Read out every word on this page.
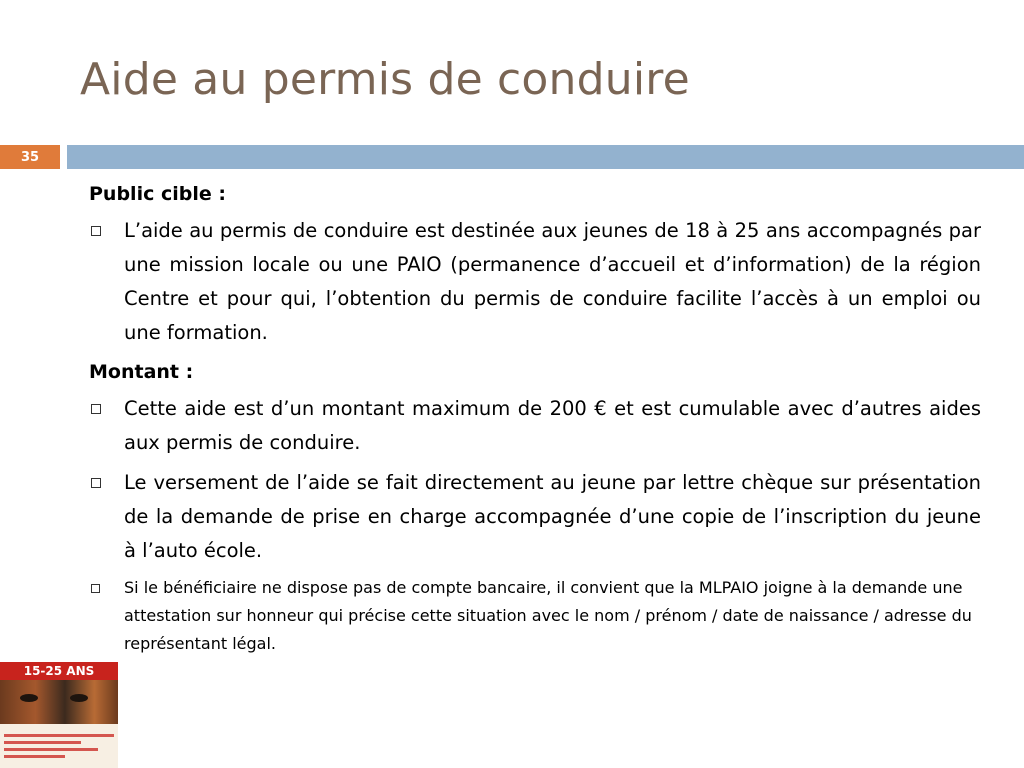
Aide au permis de conduire
35
Public cible :
L’aide au permis de conduire est destinée aux jeunes de 18 à 25 ans accompagnés par une mission locale ou une PAIO (permanence d’accueil et d’information) de la région Centre et pour qui, l’obtention du permis de conduire facilite l’accès à un emploi ou une formation.
Montant :
Cette aide est d’un montant maximum de 200 € et est cumulable avec d’autres aides aux permis de conduire.
Le versement de l’aide se fait directement au jeune par lettre chèque sur présentation de la demande de prise en charge accompagnée d’une copie de l’inscription du jeune à l’auto école.
Si le bénéficiaire ne dispose pas de compte bancaire, il convient que la MLPAIO joigne à la demande une attestation sur honneur qui précise cette situation avec le nom / prénom / date de naissance / adresse du représentant légal.
15-25 ANS
